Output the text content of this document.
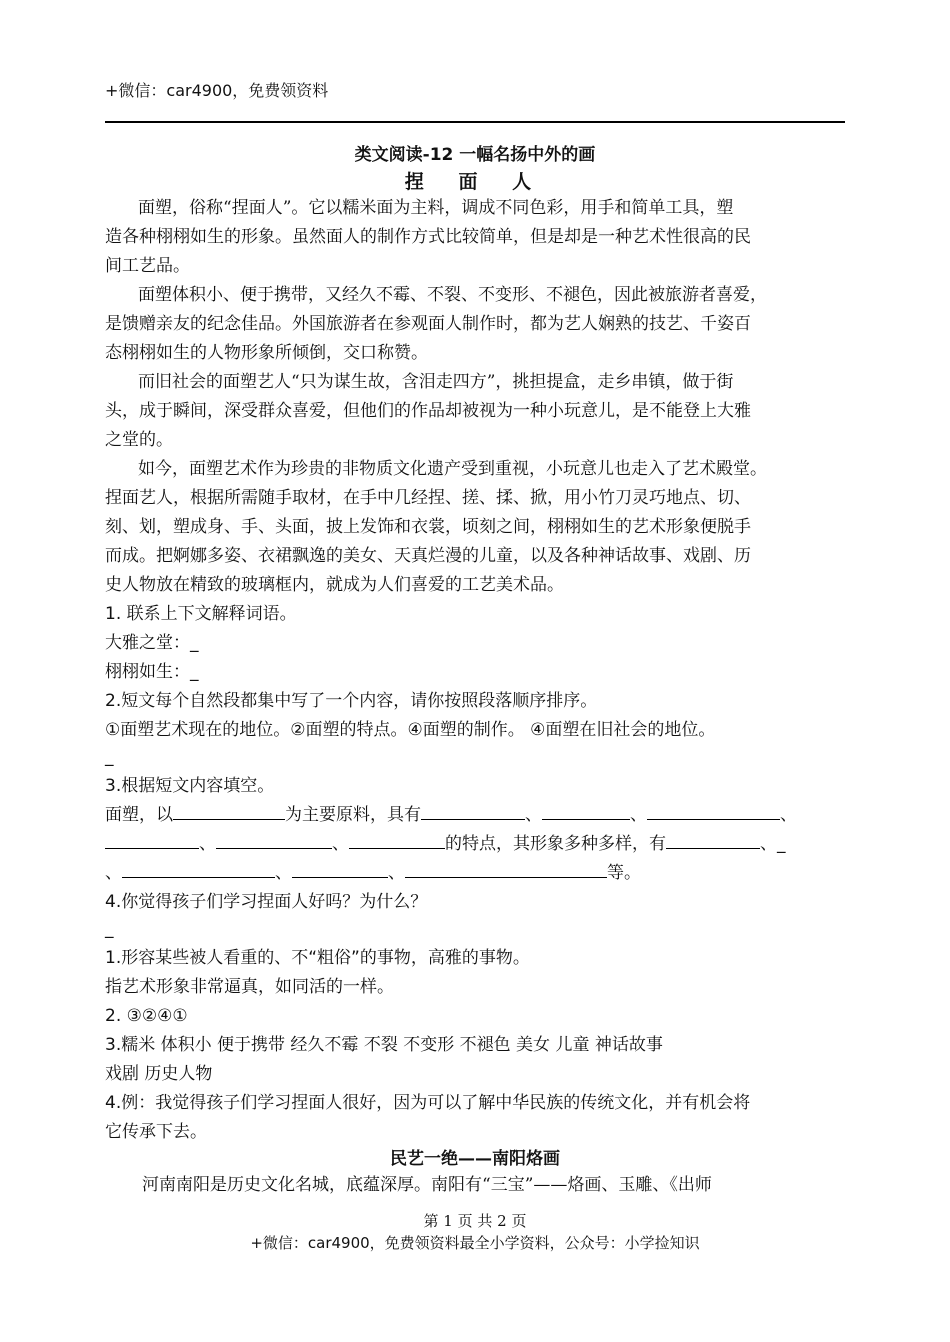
+微信：car4900，免费领资料
类文阅读-12 一幅名扬中外的画
捏 面 人
面塑，俗称“捏面人”。它以糯米面为主料，调成不同色彩，用手和简单工具，塑
造各种栩栩如生的形象。虽然面人的制作方式比较简单，但是却是一种艺术性很高的民
间工艺品。
面塑体积小、便于携带，又经久不霉、不裂、不变形、不褪色，因此被旅游者喜爱，
是馈赠亲友的纪念佳品。外国旅游者在参观面人制作时，都为艺人娴熟的技艺、千姿百
态栩栩如生的人物形象所倾倒，交口称赞。
而旧社会的面塑艺人“只为谋生故，含泪走四方”，挑担提盒，走乡串镇，做于街
头，成于瞬间，深受群众喜爱，但他们的作品却被视为一种小玩意儿，是不能登上大雅
之堂的。
如今，面塑艺术作为珍贵的非物质文化遗产受到重视，小玩意儿也走入了艺术殿堂。
捏面艺人，根据所需随手取材，在手中几经捏、搓、揉、掀，用小竹刀灵巧地点、切、
刻、划，塑成身、手、头面，披上发饰和衣裳，顷刻之间，栩栩如生的艺术形象便脱手
而成。把婀娜多姿、衣裙飘逸的美女、天真烂漫的儿童，以及各种神话故事、戏剧、历
史人物放在精致的玻璃框内，就成为人们喜爱的工艺美术品。
1. 联系上下文解释词语。
大雅之堂：_
栩栩如生：_
2.短文每个自然段都集中写了一个内容，请你按照段落顺序排序。
①面塑艺术现在的地位。②面塑的特点。④面塑的制作。 ④面塑在旧社会的地位。
_
3.根据短文内容填空。
面塑，以	为主要原料，具有	、	、	、
、	、	的特点，其形象多种多样，有	、_
、	、	、	等。
4.你觉得孩子们学习捏面人好吗？为什么？
_
1.形容某些被人看重的、不“粗俗”的事物，高雅的事物。
指艺术形象非常逼真，如同活的一样。
2. ③②④①
3.糯米 体积小 便于携带 经久不霉 不裂 不变形 不褪色 美女 儿童 神话故事
戏剧 历史人物
4.例：我觉得孩子们学习捏面人很好，因为可以了解中华民族的传统文化，并有机会将
它传承下去。
民艺一绝——南阳烙画
河南南阳是历史文化名城，底蕴深厚。南阳有“三宝”——烙画、玉雕、《出师
第 1 页 共 2 页
+微信：car4900，免费领资料最全小学资料，公众号：小学捡知识
